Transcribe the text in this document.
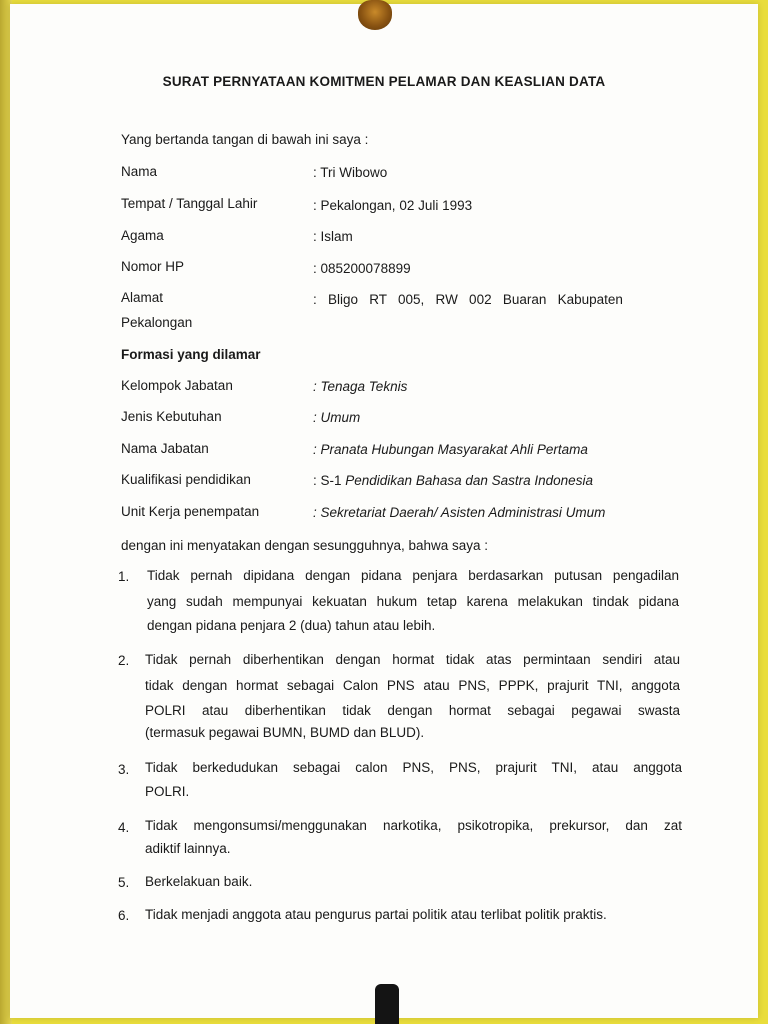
SURAT PERNYATAAN KOMITMEN PELAMAR DAN KEASLIAN DATA
Yang bertanda tangan di bawah ini saya :
Nama	: Tri Wibowo
Tempat / Tanggal Lahir	: Pekalongan, 02 Juli 1993
Agama	: Islam
Nomor HP	: 085200078899
Alamat	:   Bligo   RT   005,   RW   002   Buaran   Kabupaten
Pekalongan
Formasi yang dilamar
Kelompok Jabatan	: Tenaga Teknis
Jenis Kebutuhan	: Umum
Nama Jabatan	: Pranata Hubungan Masyarakat Ahli Pertama
Kualifikasi pendidikan	: S-1 Pendidikan Bahasa dan Sastra Indonesia
Unit Kerja penempatan	: Sekretariat Daerah/ Asisten Administrasi Umum
dengan ini menyatakan dengan sesungguhnya, bahwa saya :
1. Tidak pernah dipidana dengan pidana penjara berdasarkan putusan pengadilan
yang sudah mempunyai kekuatan hukum tetap karena melakukan tindak pidana
dengan pidana penjara 2 (dua) tahun atau lebih.
2. Tidak pernah diberhentikan dengan hormat tidak atas permintaan sendiri atau
tidak dengan hormat sebagai Calon PNS atau PNS, PPPK, prajurit TNI, anggota
POLRI atau diberhentikan tidak dengan hormat sebagai pegawai swasta
(termasuk pegawai BUMN, BUMD dan BLUD).
3. Tidak berkedudukan sebagai calon PNS, PNS, prajurit TNI, atau anggota
POLRI.
4. Tidak mengonsumsi/menggunakan narkotika, psikotropika, prekursor, dan zat
adiktif lainnya.
5. Berkelakuan baik.
6. Tidak menjadi anggota atau pengurus partai politik atau terlibat politik praktis.
